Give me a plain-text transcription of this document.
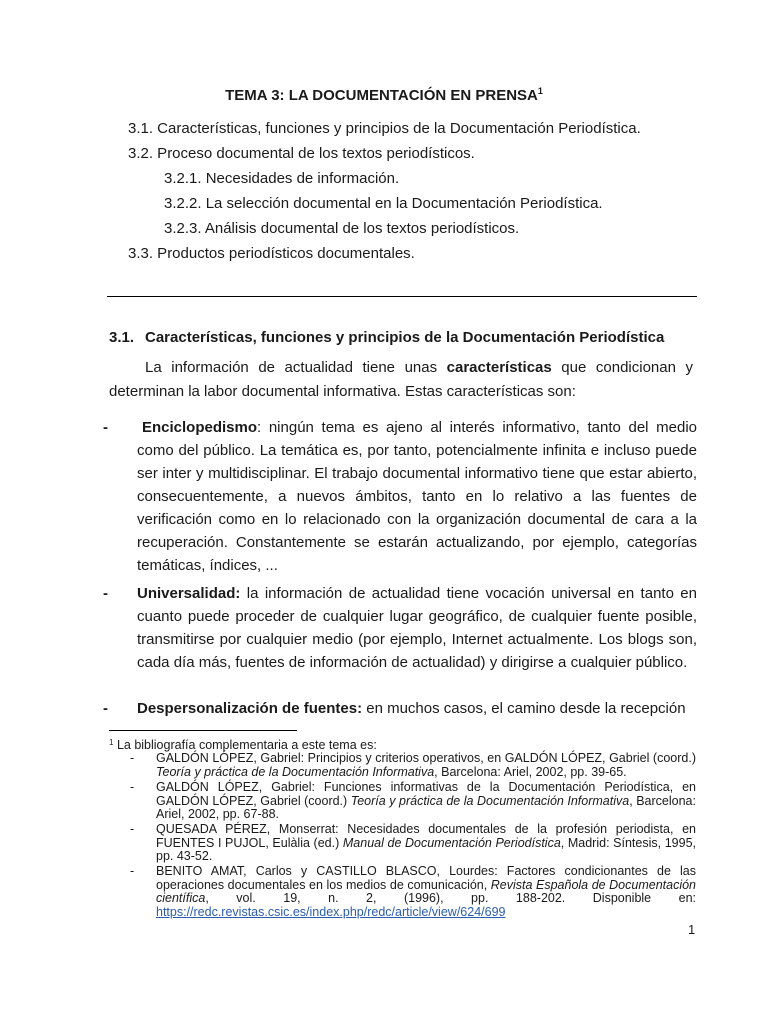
TEMA 3: LA DOCUMENTACIÓN EN PRENSA$^1$
3.1. Características, funciones y principios de la Documentación Periodística.
3.2. Proceso documental de los textos periodísticos.
3.2.1. Necesidades de información.
3.2.2. La selección documental en la Documentación Periodística.
3.2.3. Análisis documental de los textos periodísticos.
3.3. Productos periodísticos documentales.
3.1. Características, funciones y principios de la Documentación Periodística
La información de actualidad tiene unas características que condicionan y determinan la labor documental informativa. Estas características son:
-	Enciclopedismo: ningún tema es ajeno al interés informativo, tanto del medio como del público. La temática es, por tanto, potencialmente infinita e incluso puede ser inter y multidisciplinar. El trabajo documental informativo tiene que estar abierto, consecuentemente, a nuevos ámbitos, tanto en lo relativo a las fuentes de verificación como en lo relacionado con la organización documental de cara a la recuperación. Constantemente se estarán actualizando, por ejemplo, categorías temáticas, índices, ...
- Universalidad: la información de actualidad tiene vocación universal en tanto en cuanto puede proceder de cualquier lugar geográfico, de cualquier fuente posible, transmitirse por cualquier medio (por ejemplo, Internet actualmente. Los blogs son, cada día más, fuentes de información de actualidad) y dirigirse a cualquier público.
- Despersonalización de fuentes: en muchos casos, el camino desde la recepción
$^1$ La bibliografía complementaria a este tema es:
- GALDÓN LÓPEZ, Gabriel: Principios y criterios operativos, en GALDÓN LÓPEZ, Gabriel (coord.) Teoría y práctica de la Documentación Informativa, Barcelona: Ariel, 2002, pp. 39-65.
- GALDÓN LÓPEZ, Gabriel: Funciones informativas de la Documentación Periodística, en GALDÓN LÓPEZ, Gabriel (coord.) Teoría y práctica de la Documentación Informativa, Barcelona: Ariel, 2002, pp. 67-88.
- QUESADA PÉREZ, Monserrat: Necesidades documentales de la profesión periodista, en FUENTES I PUJOL, Eulàlia (ed.) Manual de Documentación Periodística, Madrid: Síntesis, 1995, pp. 43-52.
- BENITO AMAT, Carlos y CASTILLO BLASCO, Lourdes: Factores condicionantes de las operaciones documentales en los medios de comunicación, Revista Española de Documentación científica, vol. 19, n. 2, (1996), pp. 188-202. Disponible en: https://redc.revistas.csic.es/index.php/redc/article/view/624/699
1
